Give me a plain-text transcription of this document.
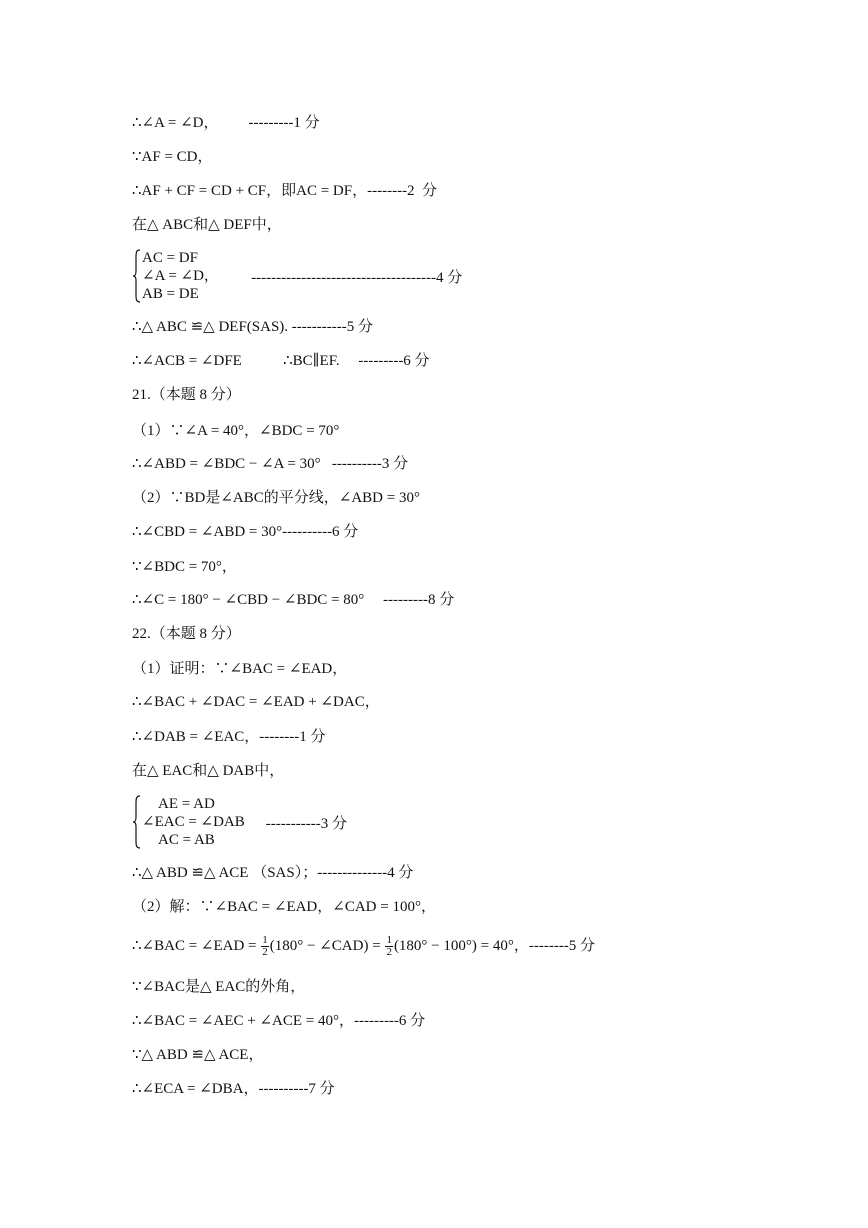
∴∠A = ∠D，        ---------1 分
∵AF = CD，
∴AF + CF = CD + CF，即AC = DF，--------2  分
在△ ABC和△ DEF中，
AC = DF
∠A = ∠D，
AB = DE
-------------------------------------4 分
∴△ ABC ≌△ DEF(SAS). -----------5 分
∴∠ACB = ∠DFE           ∴BC∥EF.     ---------6 分
21.（本题 8 分）
（1）∵∠A = 40°，∠BDC = 70°
∴∠ABD = ∠BDC − ∠A = 30°   ----------3 分
（2）∵BD是∠ABC的平分线，∠ABD = 30°
∴∠CBD = ∠ABD = 30°----------6 分
∵∠BDC = 70°，
∴∠C = 180° − ∠CBD − ∠BDC = 80°     ---------8 分
22.（本题 8 分）
（1）证明：∵∠BAC = ∠EAD，
∴∠BAC + ∠DAC = ∠EAD + ∠DAC，
∴∠DAB = ∠EAC，--------1 分
在△ EAC和△ DAB中，
AE = AD
∠EAC = ∠DAB
AC = AB
-----------3 分
∴△ ABD ≌△ ACE （SAS）；--------------4 分
（2）解：∵∠BAC = ∠EAD，∠CAD = 100°，
∴∠BAC = ∠EAD = $\frac{1}{2} (180^\circ$ − ∠CAD) = $\frac{1}{2} (180^\circ - 100^\circ) = 40^\circ$，--------5 分
∵∠BAC是△ EAC的外角，
∴∠BAC = ∠AEC + ∠ACE = 40°，---------6 分
∵△ ABD ≌△ ACE，
∴∠ECA = ∠DBA，----------7 分
